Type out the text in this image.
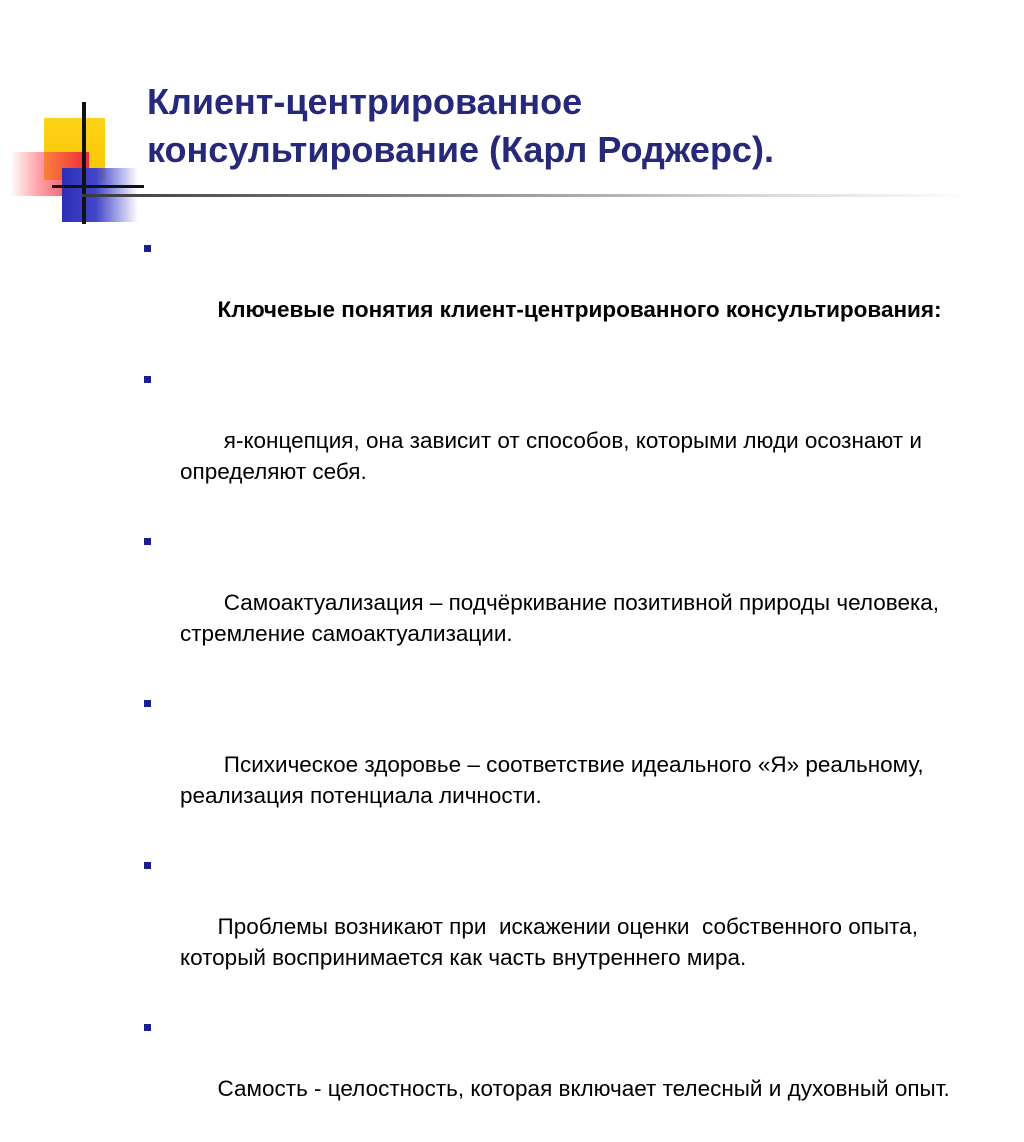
Клиент-центрированное
консультирование (Карл Роджерс).

Ключевые понятия клиент-центрированного консультирования:

я-концепция, она зависит от способов, которыми люди осознают и определяют себя.

Самоактуализация – подчёркивание позитивной природы человека, стремление самоактуализации.

Психическое здоровье – соответствие идеального «Я» реальному, реализация потенциала личности.

Проблемы возникают при  искажении оценки  собственного опыта, который воспринимается как часть внутреннего мира.

Самость - целостность, которая включает телесный и духовный опыт.
